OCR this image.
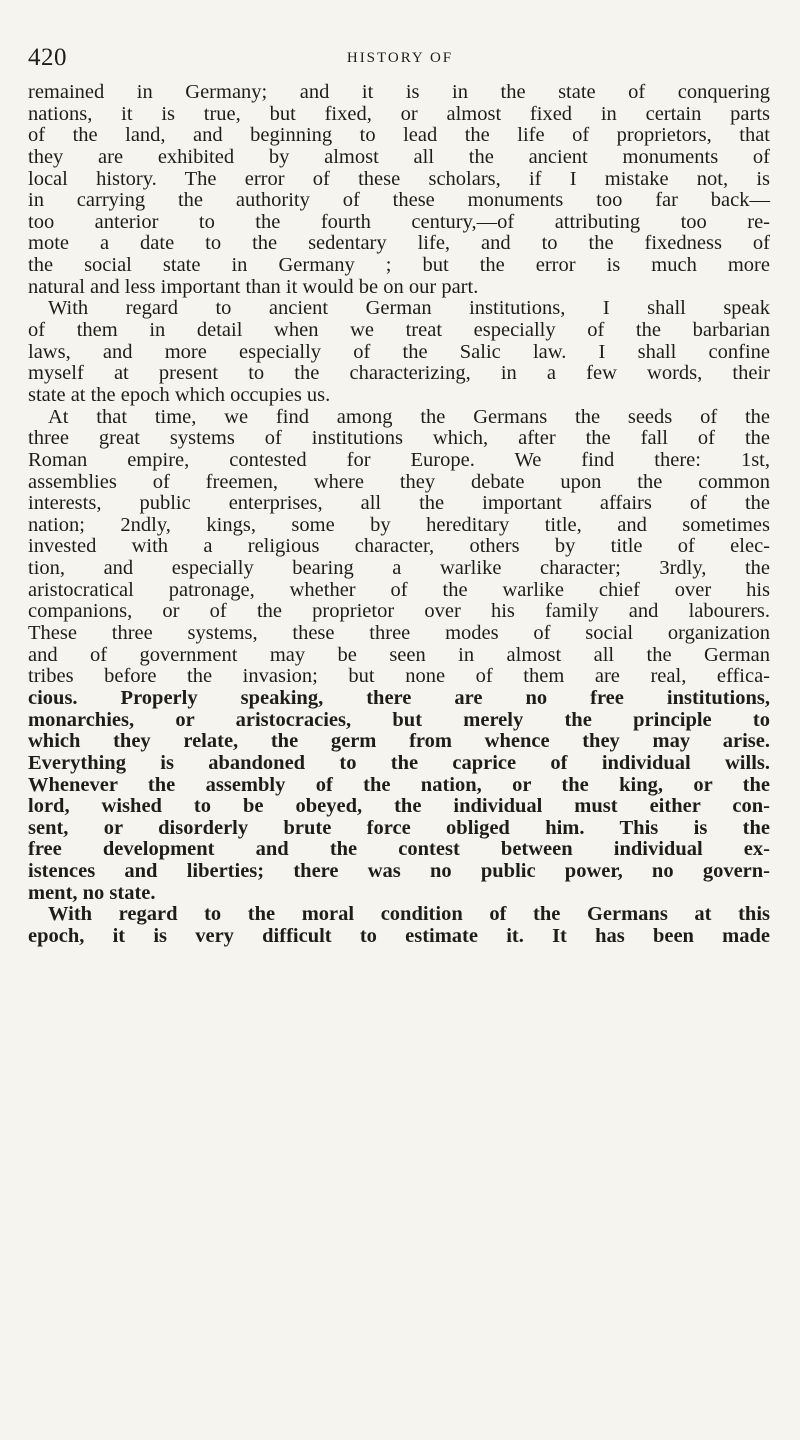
420	HISTORY OF
remained in Germany; and it is in the state of conquering
nations, it is true, but fixed, or almost fixed in certain parts
of the land, and beginning to lead the life of proprietors, that
they are exhibited by almost all the ancient monuments of
local history. The error of these scholars, if I mistake not, is
in carrying the authority of these monuments too far back—
too anterior to the fourth century,—of attributing too re-
mote a date to the sedentary life, and to the fixedness of
the social state in Germany ; but the error is much more
natural and less important than it would be on our part.
With regard to ancient German institutions, I shall speak
of them in detail when we treat especially of the barbarian
laws, and more especially of the Salic law. I shall confine
myself at present to the characterizing, in a few words, their
state at the epoch which occupies us.
At that time, we find among the Germans the seeds of the
three great systems of institutions which, after the fall of the
Roman empire, contested for Europe. We find there: 1st,
assemblies of freemen, where they debate upon the common
interests, public enterprises, all the important affairs of the
nation; 2ndly, kings, some by hereditary title, and sometimes
invested with a religious character, others by title of elec-
tion, and especially bearing a warlike character; 3rdly, the
aristocratical patronage, whether of the warlike chief over his
companions, or of the proprietor over his family and labourers.
These three systems, these three modes of social organization
and of government may be seen in almost all the German
tribes before the invasion; but none of them are real, effica-
cious. Properly speaking, there are no free institutions,
monarchies, or aristocracies, but merely the principle to
which they relate, the germ from whence they may arise.
Everything is abandoned to the caprice of individual wills.
Whenever the assembly of the nation, or the king, or the
lord, wished to be obeyed, the individual must either con-
sent, or disorderly brute force obliged him. This is the
free development and the contest between individual ex-
istences and liberties; there was no public power, no govern-
ment, no state.
With regard to the moral condition of the Germans at this
epoch, it is very difficult to estimate it. It has been made
